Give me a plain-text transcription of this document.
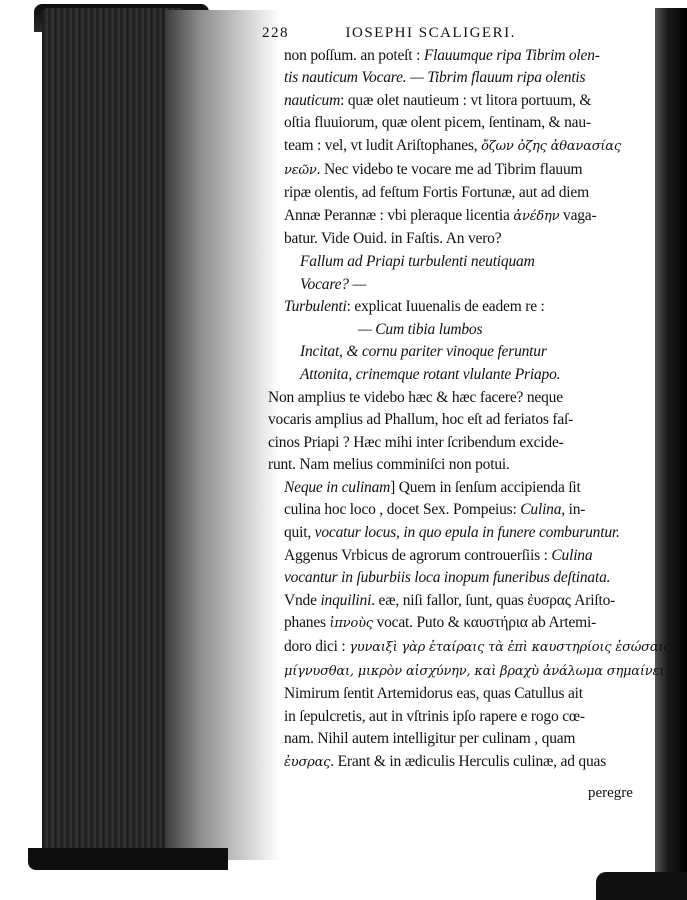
228	IOSEPHI SCALIGERI.
non poſſum. an poteſt : Flauumque ripa Tibrim olen-
tis nauticum Vocare. — Tibrim flauum ripa olentis
nauticum: quæ olet nautieum : vt litora portuum, &
oſtia fluuiorum, quæ olent picem, ſentinam, & nau-
team : vel, vt ludit Ariſtophanes, ὄζων ὀζης ἀθανασίας
νεῶν. Nec videbo te vocare me ad Tibrim flauum
ripæ olentis, ad feſtum Fortis Fortunæ, aut ad diem
Annæ Perannæ : vbi pleraque licentia ἀνέδην vaga-
batur. Vide Ouid. in Faſtis. An vero?
Fallum ad Priapi turbulenti neutiquam
Vocare? —
Turbulenti: explicat Iuuenalis de eadem re :
— Cum tibia lumbos
Incitat, & cornu pariter vinoque feruntur
Attonita, crinemque rotant vlulante Priapo.
Non amplius te videbo hæc & hæc facere? neque
vocaris amplius ad Phallum, hoc eſt ad feriatos faſ-
cinos Priapi ? Hæc mihi inter ſcribendum excide-
runt. Nam melius comminiſci non potui.
Neque in culinam] Quem in ſenſum accipienda ſit
culina hoc loco , docet Sex. Pompeius: Culina, in-
quit, vocatur locus, in quo epula in funere comburuntur.
Aggenus Vrbicus de agrorum controuerſiis : Culina
vocantur in ſuburbiis loca inopum funeribus deſtinata.
Vnde inquilini. eæ, niſi fallor, ſunt, quas ἐυσρας Ariſto-
phanes ἰπνοὺς vocat. Puto & καυστήρια ab Artemi-
doro dici : γυναιξὶ γὰρ ἑταίραις τὰ ἐπὶ καυστηρίοις ἑσώσαις
μίγνυσθαι, μικρὸν αἰσχύνην, καὶ βραχὺ ἀνάλωμα σημαίνει.
Nimirum ſentit Artemidorus eas, quas Catullus ait
in ſepulcretis, aut in vſtrinis ipſo rapere e rogo cœ-
nam. Nihil autem intelligitur per culinam , quam
ἐυσρας. Erant & in ædiculis Herculis culinæ, ad quas
peregre
